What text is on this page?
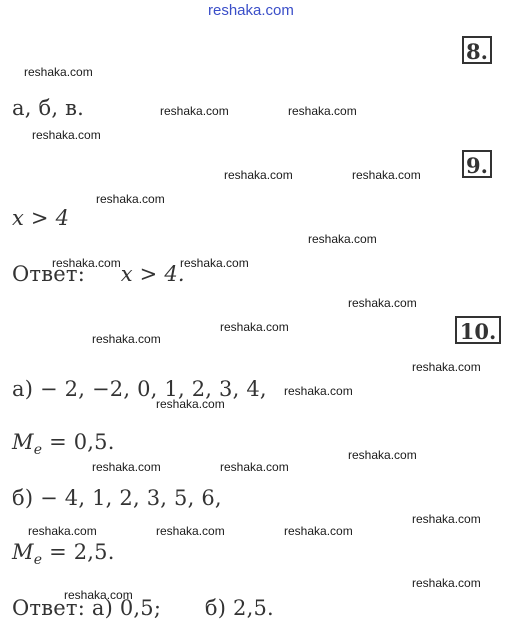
reshaka.com
8.
9.
10.
а, б, в.
x > 4
Ответ: x > 4.
а) − 2, −2, 0, 1, 2, 3, 4,
$M_e = 0,5$.
б) − 4, 1, 2, 3, 5, 6,
$M_e = 2,5$.
Ответ: а) 0,5; б) 2,5.
reshaka.com
reshaka.com	reshaka.com
reshaka.com
reshaka.com	reshaka.com
reshaka.com
reshaka.com
reshaka.com	reshaka.com
reshaka.com
reshaka.com
reshaka.com
reshaka.com
reshaka.com
reshaka.com
reshaka.com
reshaka.com	reshaka.com
reshaka.com
reshaka.com	reshaka.com	reshaka.com
reshaka.com
reshaka.com
